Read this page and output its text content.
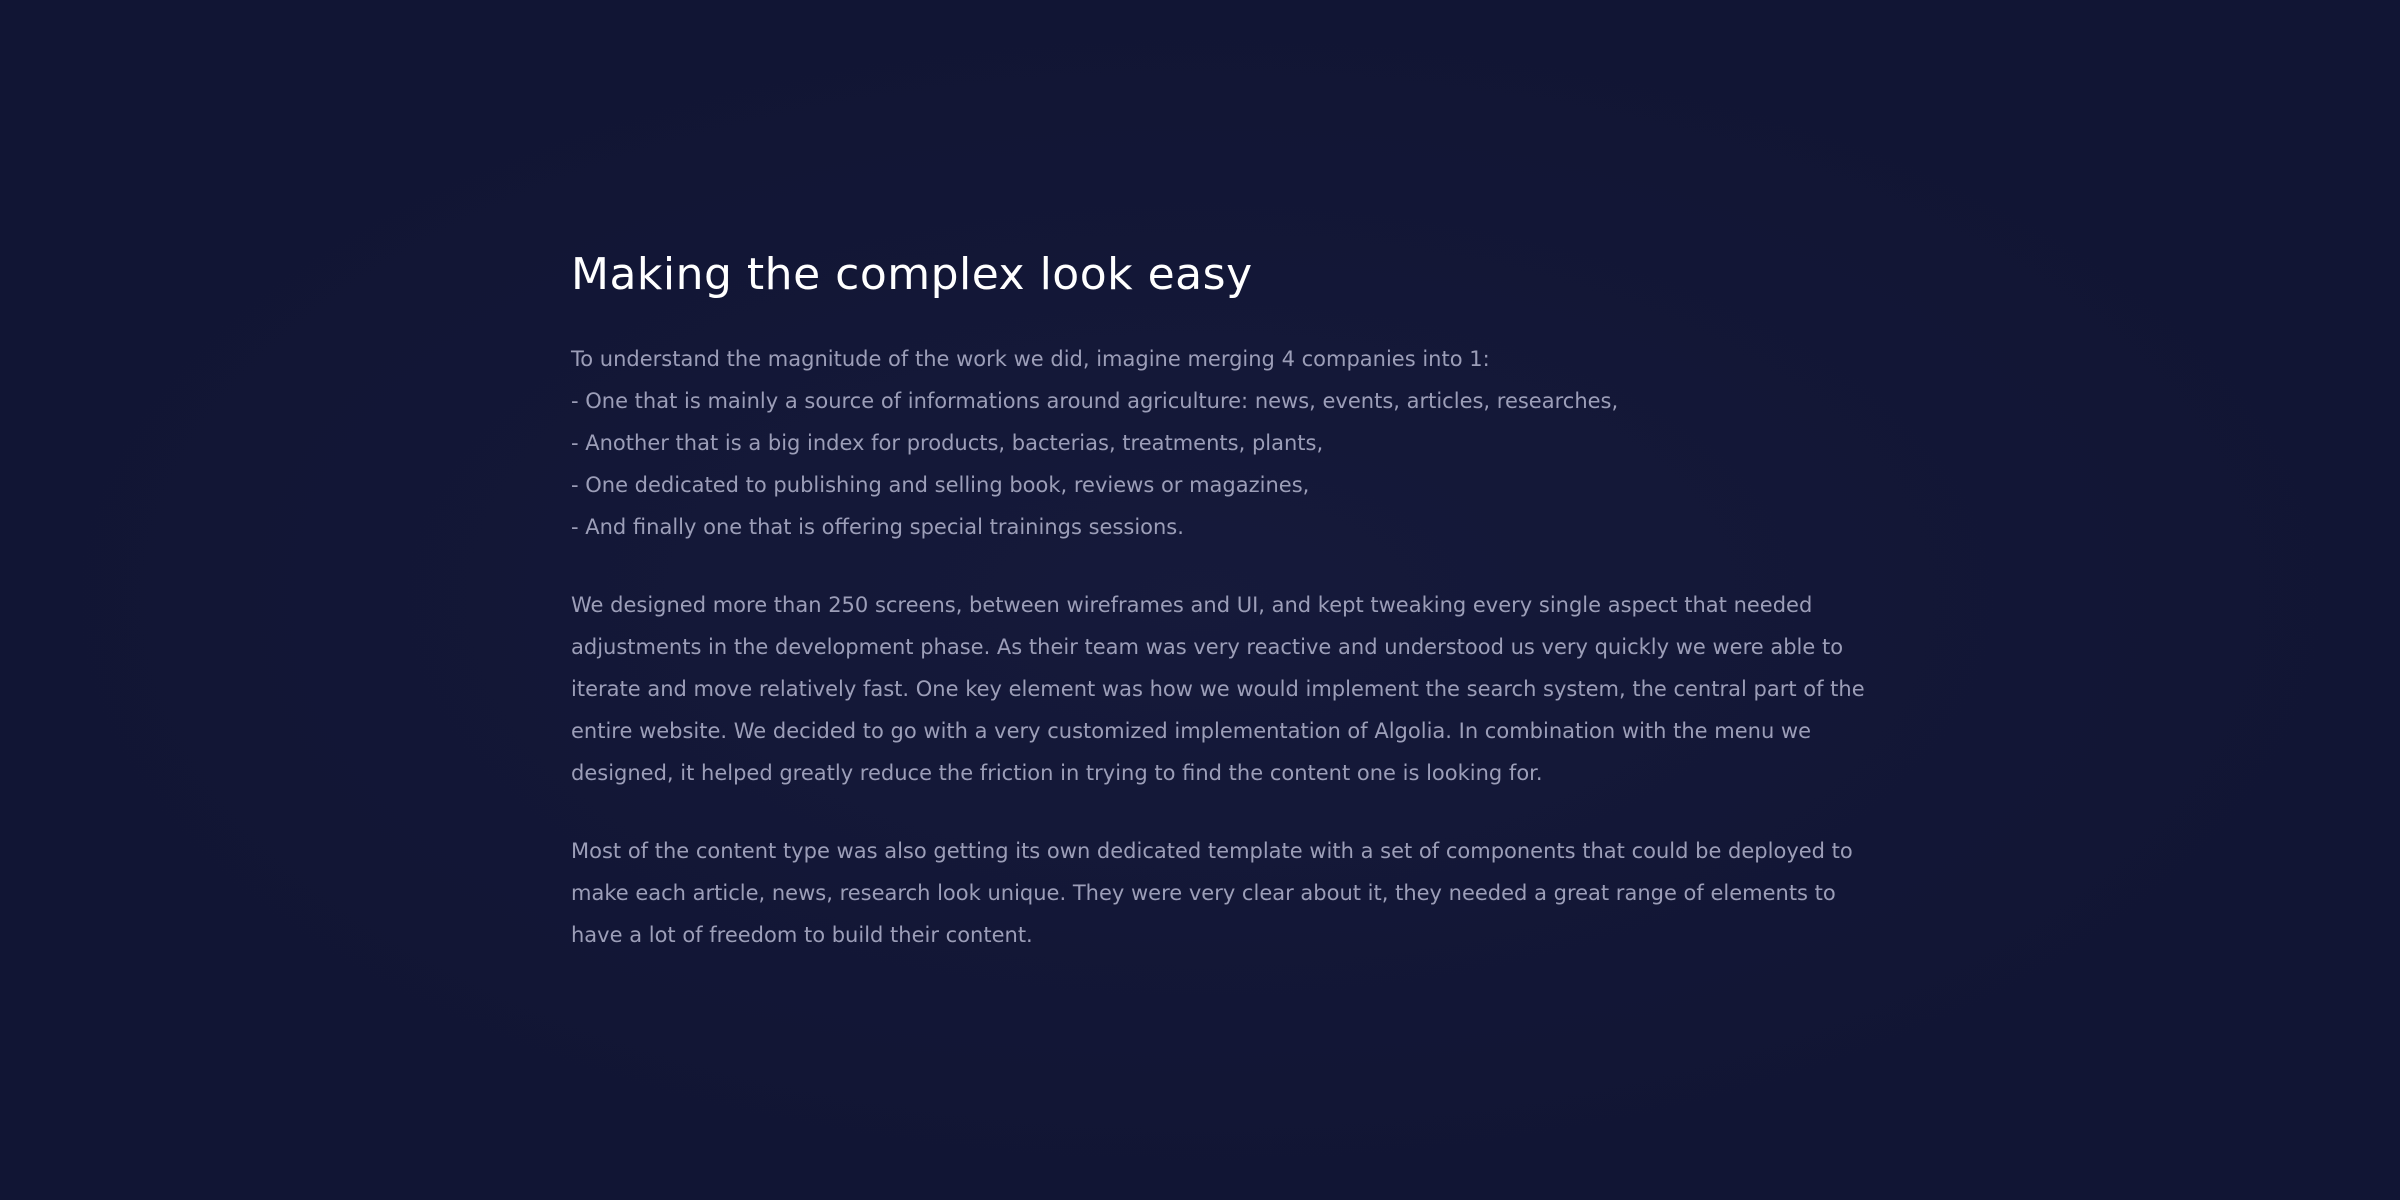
Making the complex look easy

To understand the magnitude of the work we did, imagine merging 4 companies into 1:

- One that is mainly a source of informations around agriculture: news, events, articles, researches,

- Another that is a big index for products, bacterias, treatments, plants,

- One dedicated to publishing and selling book, reviews or magazines,

- And finally one that is offering special trainings sessions.

We designed more than 250 screens, between wireframes and UI, and kept tweaking every single aspect that needed adjustments in the development phase. As their team was very reactive and understood us very quickly we were able to iterate and move relatively fast. One key element was how we would implement the search system, the central part of the entire website. We decided to go with a very customized implementation of Algolia. In combination with the menu we designed, it helped greatly reduce the friction in trying to find the content one is looking for.

Most of the content type was also getting its own dedicated template with a set of components that could be deployed to make each article, news, research look unique. They were very clear about it, they needed a great range of elements to have a lot of freedom to build their content.
